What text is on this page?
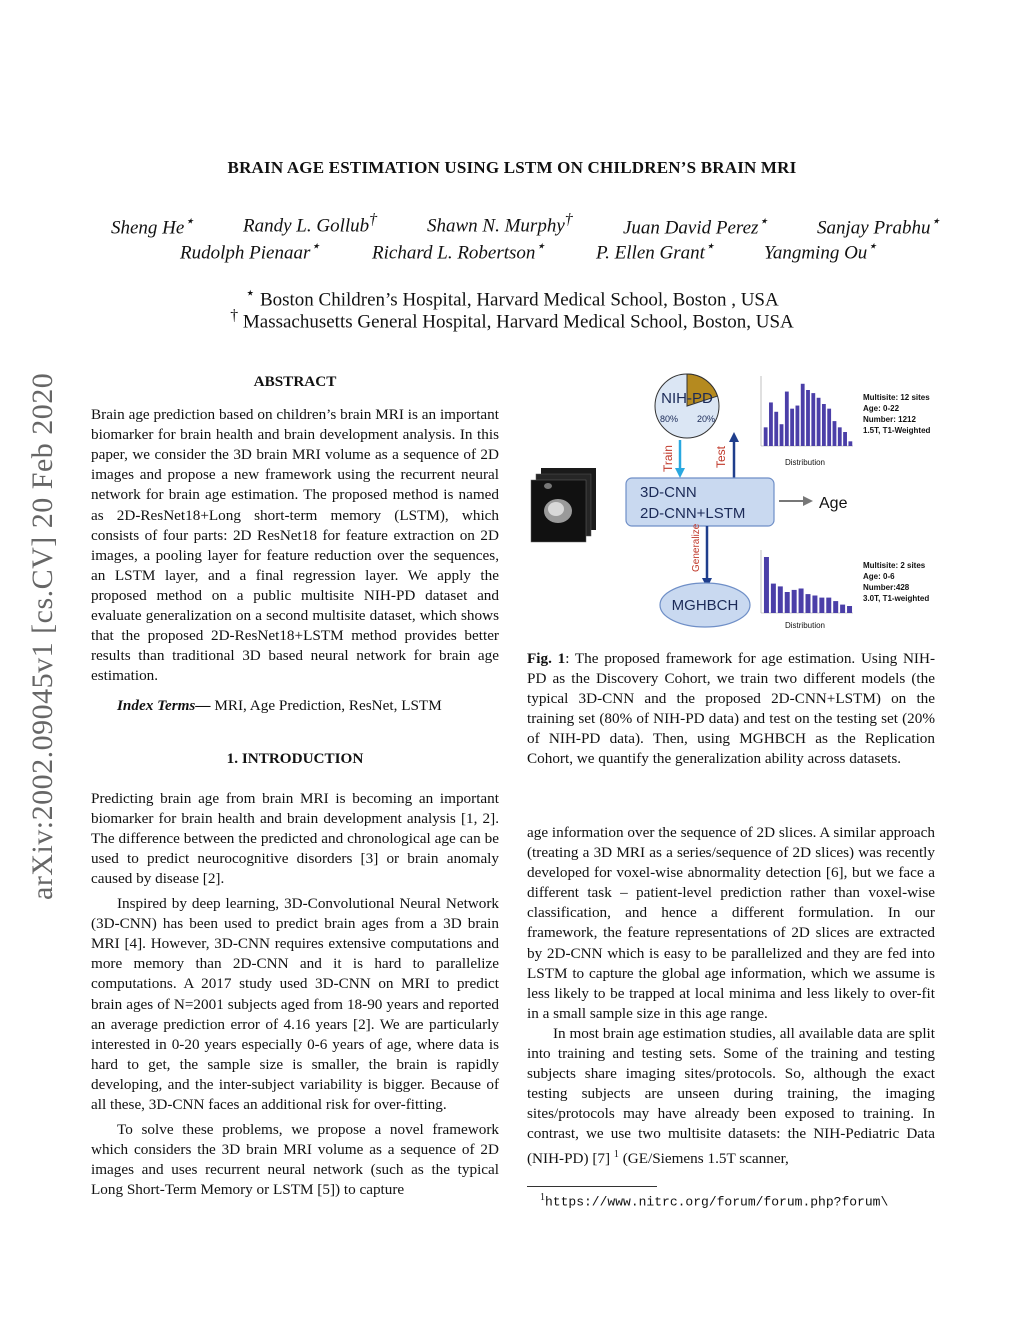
arXiv:2002.09045v1 [cs.CV] 20 Feb 2020
BRAIN AGE ESTIMATION USING LSTM ON CHILDREN’S BRAIN MRI
Sheng He⋆	Randy L. Gollub†	Shawn N. Murphy†	Juan David Perez⋆	Sanjay Prabhu⋆
Rudolph Pienaar⋆	Richard L. Robertson⋆	P. Ellen Grant⋆	Yangming Ou⋆
⋆ Boston Children’s Hospital, Harvard Medical School, Boston , USA
† Massachusetts General Hospital, Harvard Medical School, Boston, USA
ABSTRACT

Brain age prediction based on children’s brain MRI is an important biomarker for brain health and brain development analysis. In this paper, we consider the 3D brain MRI volume as a sequence of 2D images and propose a new framework using the recurrent neural network for brain age estimation. The proposed method is named as 2D-ResNet18+Long short-term memory (LSTM), which consists of four parts: 2D ResNet18 for feature extraction on 2D images, a pooling layer for feature reduction over the sequences, an LSTM layer, and a final regression layer. We apply the proposed method on a public multisite NIH-PD dataset and evaluate generalization on a second multisite dataset, which shows that the proposed 2D-ResNet18+LSTM method provides better results than traditional 3D based neural network for brain age estimation.

Index Terms— MRI, Age Prediction, ResNet, LSTM

1. INTRODUCTION

Predicting brain age from brain MRI is becoming an important biomarker for brain health and brain development analysis [1, 2]. The difference between the predicted and chronological age can be used to predict neurocognitive disorders [3] or brain anomaly caused by disease [2].

Inspired by deep learning, 3D-Convolutional Neural Network (3D-CNN) has been used to predict brain ages from a 3D brain MRI [4]. However, 3D-CNN requires extensive computations and more memory than 2D-CNN and it is hard to parallelize computations. A 2017 study used 3D-CNN on MRI to predict brain ages of N=2001 subjects aged from 18-90 years and reported an average prediction error of 4.16 years [2]. We are particularly interested in 0-20 years especially 0-6 years of age, where data is hard to get, the sample size is smaller, the brain is rapidly developing, and the inter-subject variability is bigger. Because of all these, 3D-CNN faces an additional risk for over-fitting.

To solve these problems, we propose a novel framework which considers the 3D brain MRI volume as a sequence of 2D images and uses recurrent neural network (such as the typical Long Short-Term Memory or LSTM [5]) to capture

NIH-PD
80% 20%
Train	Test
3D-CNN
2D-CNN+LSTM
Age
Generalize
MGHBCH
Distribution
Distribution
Multisite: 12 sites
Age: 0-22
Number: 1212
1.5T, T1-Weighted
Multisite: 2 sites
Age: 0-6
Number:428
3.0T, T1-weighted

Fig. 1: The proposed framework for age estimation. Using NIH-PD as the Discovery Cohort, we train two different models (the typical 3D-CNN and the proposed 2D-CNN+LSTM) on the training set (80% of NIH-PD data) and test on the testing set (20% of NIH-PD data). Then, using MGHBCH as the Replication Cohort, we quantify the generalization ability across datasets.

age information over the sequence of 2D slices. A similar approach (treating a 3D MRI as a series/sequence of 2D slices) was recently developed for voxel-wise abnormality detection [6], but we face a different task – patient-level prediction rather than voxel-wise classification, and hence a different formulation. In our framework, the feature representations of 2D slices are extracted by 2D-CNN which is easy to be parallelized and they are fed into LSTM to capture the global age information, which we assume is less likely to be trapped at local minima and less likely to over-fit in a small sample size in this age range.

In most brain age estimation studies, all available data are split into training and testing sets. Some of the training and testing subjects share imaging sites/protocols. So, although the exact testing subjects are unseen during training, the imaging sites/protocols may have already been exposed to training. In contrast, we use two multisite datasets: the NIH-Pediatric Data (NIH-PD) [7] $^1$ (GE/Siemens 1.5T scanner,

$^1$https://www.nitrc.org/forum/forum.php?forum\
